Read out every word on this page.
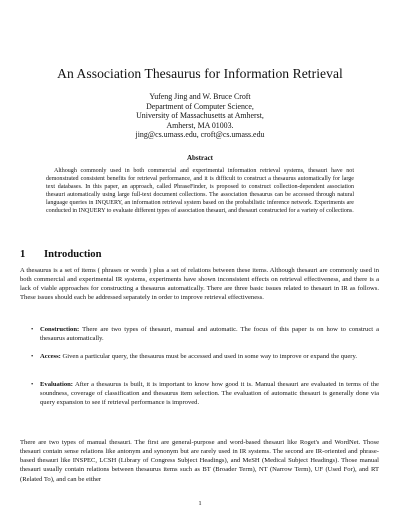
An Association Thesaurus for Information Retrieval
Yufeng Jing and W. Bruce Croft
Department of Computer Science,
University of Massachusetts at Amherst,
Amherst, MA 01003.
jing@cs.umass.edu, croft@cs.umass.edu
Abstract

Although commonly used in both commercial and experimental information retrieval systems, thesauri have not demonstrated consistent benefits for retrieval performance, and it is difficult to construct a thesaurus automatically for large text databases. In this paper, an approach, called PhraseFinder, is proposed to construct collection-dependent association thesauri automatically using large full-text document collections. The association thesaurus can be accessed through natural language queries in INQUERY, an information retrieval system based on the probabilistic inference network. Experiments are conducted in INQUERY to evaluate different types of association thesauri, and thesauri constructed for a variety of collections.

1 Introduction

A thesaurus is a set of items ( phrases or words ) plus a set of relations between these items. Although thesauri are commonly used in both commercial and experimental IR systems, experiments have shown inconsistent effects on retrieval effectiveness, and there is a lack of viable approaches for constructing a thesaurus automatically. There are three basic issues related to thesauri in IR as follows. These issues should each be addressed separately in order to improve retrieval effectiveness.

• Construction: There are two types of thesauri, manual and automatic. The focus of this paper is on how to construct a thesaurus automatically.
• Access: Given a particular query, the thesaurus must be accessed and used in some way to improve or expand the query.
• Evaluation: After a thesaurus is built, it is important to know how good it is. Manual thesauri are evaluated in terms of the soundness, coverage of classification and thesaurus item selection. The evaluation of automatic thesauri is generally done via query expansion to see if retrieval performance is improved.

There are two types of manual thesauri. The first are general-purpose and word-based thesauri like Roget's and WordNet. Those thesauri contain sense relations like antonym and synonym but are rarely used in IR systems. The second are IR-oriented and phrase-based thesauri like INSPEC, LCSH (Library of Congress Subject Headings), and MeSH (Medical Subject Headings). Those manual thesauri usually contain relations between thesaurus items such as BT (Broader Term), NT (Narrow Term), UF (Used For), and RT (Related To), and can be either

1
